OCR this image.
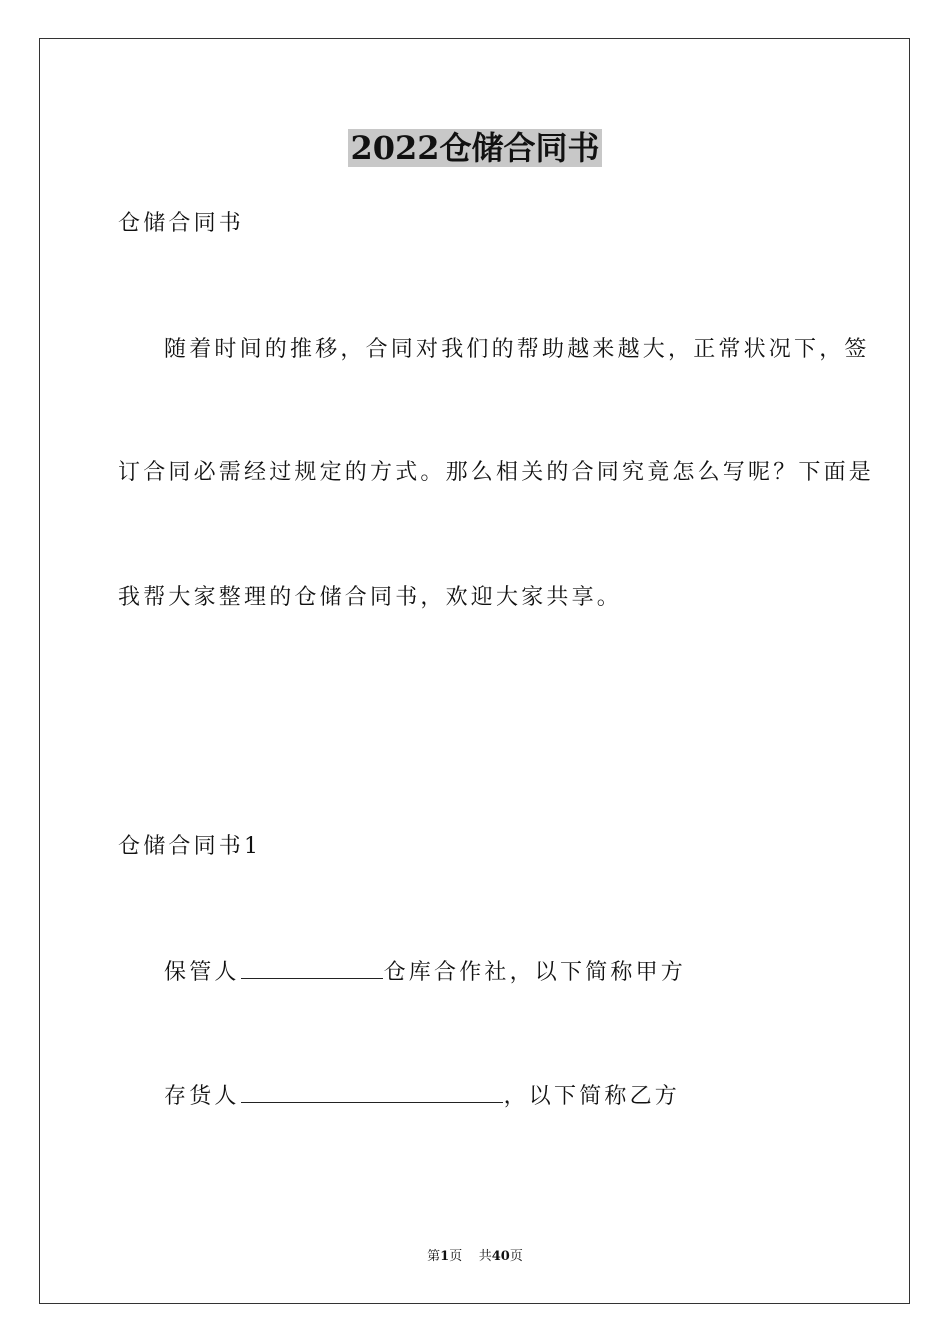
2022仓储合同书

仓储合同书

随着时间的推移，合同对我们的帮助越来越大，正常状况下，签

订合同必需经过规定的方式。那么相关的合同究竟怎么写呢？下面是

我帮大家整理的仓储合同书，欢迎大家共享。

仓储合同书1

保管人	仓库合作社，以下简称甲方

存货人	，以下简称乙方

第1页 共40页
